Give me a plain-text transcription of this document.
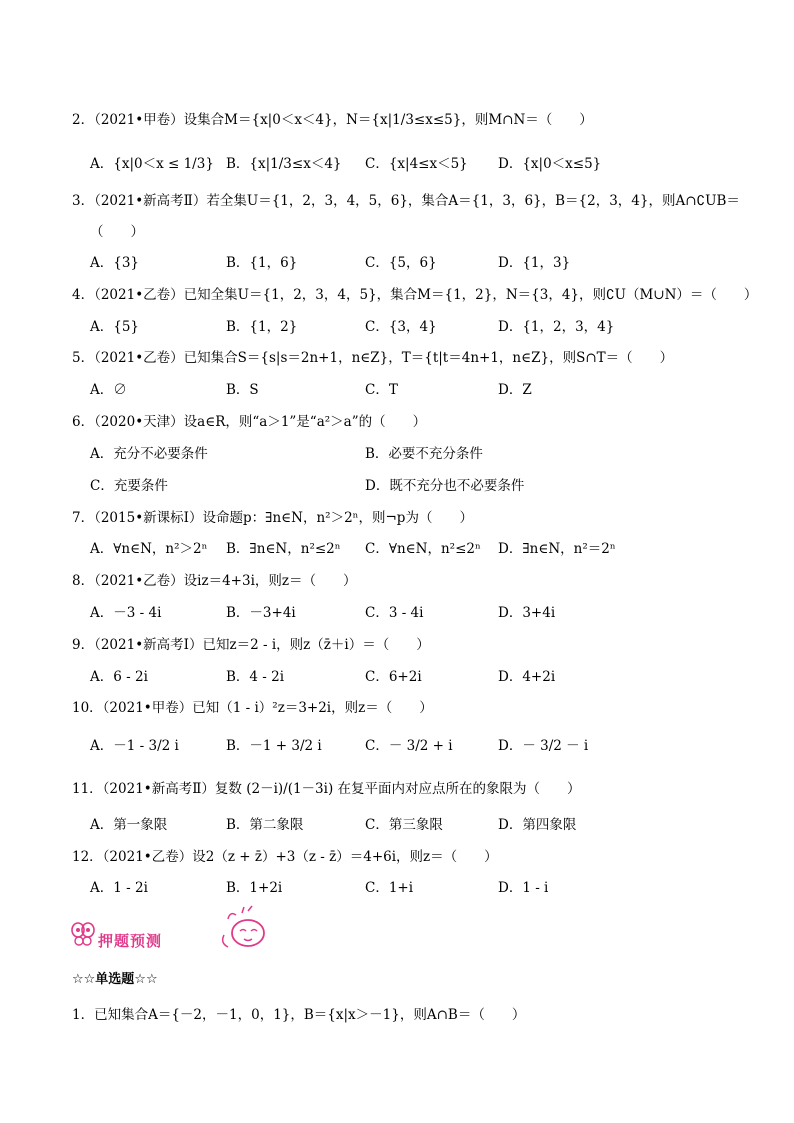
2．（2021•甲卷）设集合M＝{x|0＜x＜4}，N＝{x|1/3≤x≤5}，则M∩N＝（　　）
A．{x|0＜x ≤ 1/3} B．{x|1/3≤x＜4} C．{x|4≤x＜5} D．{x|0＜x≤5}
3．（2021•新高考Ⅱ）若全集U＝{1，2，3，4，5，6}，集合A＝{1，3，6}，B＝{2，3，4}，则A∩∁UB＝
（　　）
A．{3}	B．{1，6}	C．{5，6}	D．{1，3}
4．（2021•乙卷）已知全集U＝{1，2，3，4，5}，集合M＝{1，2}，N＝{3，4}，则∁U（M∪N）＝（　　）
A．{5}	B．{1，2}	C．{3，4}	D．{1，2，3，4}
5．（2021•乙卷）已知集合S＝{s|s＝2n+1，n∈Z}，T＝{t|t＝4n+1，n∈Z}，则S∩T＝（　　）
A．∅	B．S	C．T	D．Z
6．（2020•天津）设a∈R，则“a＞1”是“a²＞a”的（　　）
A．充分不必要条件	B．必要不充分条件
C．充要条件	D．既不充分也不必要条件
7．（2015•新课标Ⅰ）设命题p：∃n∈N，n²＞2ⁿ，则¬p为（　　）
A．∀n∈N，n²＞2ⁿ B．∃n∈N，n²≤2ⁿ C．∀n∈N，n²≤2ⁿ D．∃n∈N，n²＝2ⁿ
8．（2021•乙卷）设iz＝4+3i，则z＝（　　）
A．－3 - 4i	B．－3+4i	C．3 - 4i	D．3+4i
9．（2021•新高考Ⅰ）已知z＝2 - i，则z（z̄＋i）＝（　　）
A．6 - 2i	B．4 - 2i	C．6+2i	D．4+2i
10．（2021•甲卷）已知（1 - i）²z＝3+2i，则z＝（　　）
A．－1 - 3/2 i	B．－1 + 3/2 i	C．－ 3/2 + i	D．－ 3/2 － i
11．（2021•新高考Ⅱ）复数 (2－i)/(1－3i) 在复平面内对应点所在的象限为（　　）
A．第一象限	B．第二象限	C．第三象限	D．第四象限
12．（2021•乙卷）设2（z + z̄）+3（z - z̄）＝4+6i，则z＝（　　）
A．1 - 2i	B．1+2i	C．1+i	D．1 - i
押题预测
☆☆单选题☆☆
1．已知集合A＝{－2，－1，0，1}，B＝{x|x＞－1}，则A∩B＝（　　）
